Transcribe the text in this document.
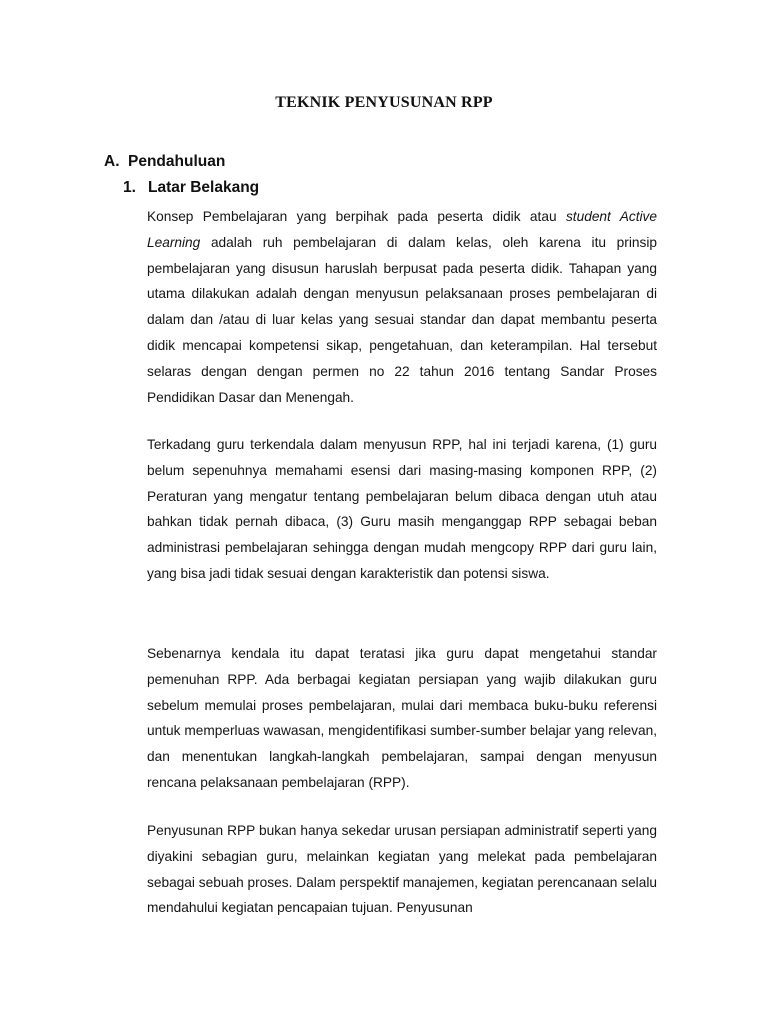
TEKNIK PENYUSUNAN RPP
A. Pendahuluan
1. Latar Belakang

Konsep Pembelajaran yang berpihak pada peserta didik atau student Active Learning adalah ruh pembelajaran di dalam kelas, oleh karena itu prinsip pembelajaran yang disusun haruslah berpusat pada peserta didik. Tahapan yang utama dilakukan adalah dengan menyusun pelaksanaan proses pembelajaran di dalam dan /atau di luar kelas yang sesuai standar dan dapat membantu peserta didik mencapai kompetensi sikap, pengetahuan, dan keterampilan. Hal tersebut selaras dengan dengan permen no 22 tahun 2016 tentang Sandar Proses Pendidikan Dasar dan Menengah.

Terkadang guru terkendala dalam menyusun RPP, hal ini terjadi karena, (1) guru belum sepenuhnya memahami esensi dari masing-masing komponen RPP, (2) Peraturan yang mengatur tentang pembelajaran belum dibaca dengan utuh atau bahkan tidak pernah dibaca, (3) Guru masih menganggap RPP sebagai beban administrasi pembelajaran sehingga dengan mudah mengcopy RPP dari guru lain, yang bisa jadi tidak sesuai dengan karakteristik dan potensi siswa.

Sebenarnya kendala itu dapat teratasi jika guru dapat mengetahui standar pemenuhan RPP. Ada berbagai kegiatan persiapan yang wajib dilakukan guru sebelum memulai proses pembelajaran, mulai dari membaca buku-buku referensi untuk memperluas wawasan, mengidentifikasi sumber-sumber belajar yang relevan, dan menentukan langkah-langkah pembelajaran, sampai dengan menyusun rencana pelaksanaan pembelajaran (RPP).

Penyusunan RPP bukan hanya sekedar urusan persiapan administratif seperti yang diyakini sebagian guru, melainkan kegiatan yang melekat pada pembelajaran sebagai sebuah proses. Dalam perspektif manajemen, kegiatan perencanaan selalu mendahului kegiatan pencapaian tujuan. Penyusunan
